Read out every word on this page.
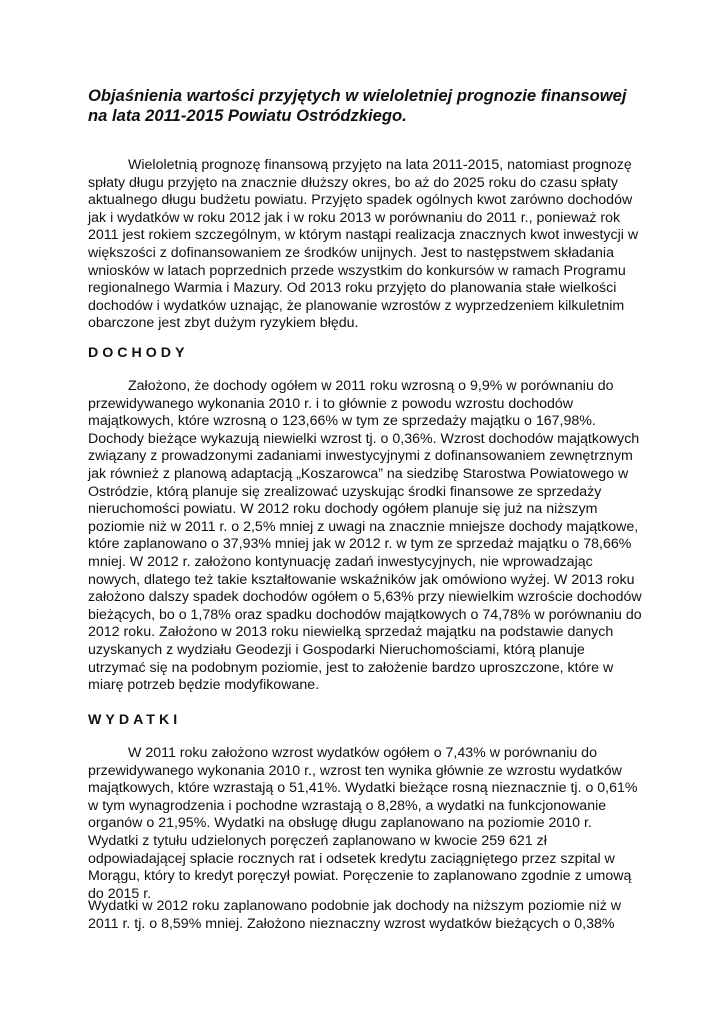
Objaśnienia wartości przyjętych w wieloletniej prognozie finansowej na lata 2011-2015 Powiatu Ostródzkiego.

Wieloletnią prognozę finansową przyjęto na lata 2011-2015, natomiast prognozę spłaty długu przyjęto na znacznie dłuższy okres, bo aż do 2025 roku do czasu spłaty aktualnego długu budżetu powiatu. Przyjęto spadek ogólnych kwot zarówno dochodów jak i wydatków w roku 2012 jak i w roku 2013 w porównaniu do 2011 r., ponieważ rok 2011 jest rokiem szczególnym, w którym nastąpi realizacja znacznych kwot inwestycji w większości z dofinansowaniem ze środków unijnych. Jest to następstwem składania wniosków w latach poprzednich przede wszystkim do konkursów w ramach Programu regionalnego Warmia i Mazury. Od 2013 roku przyjęto do planowania stałe wielkości dochodów i wydatków uznając, że planowanie wzrostów z wyprzedzeniem kilkuletnim obarczone jest zbyt dużym ryzykiem błędu.

DOCHODY

Założono, że dochody ogółem w 2011 roku wzrosną o 9,9% w porównaniu do przewidywanego wykonania 2010 r. i to głównie z powodu wzrostu dochodów majątkowych, które wzrosną o 123,66% w tym ze sprzedaży majątku o 167,98%. Dochody bieżące wykazują niewielki wzrost tj. o 0,36%. Wzrost dochodów majątkowych związany z prowadzonymi zadaniami inwestycyjnymi z dofinansowaniem zewnętrznym jak również z planową adaptacją „Koszarowca” na siedzibę Starostwa Powiatowego w Ostródzie, którą planuje się zrealizować uzyskując środki finansowe ze sprzedaży nieruchomości powiatu. W 2012 roku dochody ogółem planuje się już na niższym poziomie niż w 2011 r. o 2,5% mniej z uwagi na znacznie mniejsze dochody majątkowe, które zaplanowano o 37,93% mniej jak w 2012 r. w tym ze sprzedaż majątku o 78,66% mniej. W 2012 r. założono kontynuację zadań inwestycyjnych, nie wprowadzając nowych, dlatego też takie kształtowanie wskaźników jak omówiono wyżej. W 2013 roku założono dalszy spadek dochodów ogółem o 5,63% przy niewielkim wzroście dochodów bieżących, bo o 1,78% oraz spadku dochodów majątkowych o 74,78% w porównaniu do 2012 roku. Założono w 2013 roku niewielką sprzedaż majątku na podstawie danych uzyskanych z wydziału Geodezji i Gospodarki Nieruchomościami, którą planuje utrzymać się na podobnym poziomie, jest to założenie bardzo uproszczone, które w miarę potrzeb będzie modyfikowane.

WYDATKI

W 2011 roku założono wzrost wydatków ogółem o 7,43% w porównaniu do przewidywanego wykonania 2010 r., wzrost ten wynika głównie ze wzrostu wydatków majątkowych, które wzrastają o 51,41%. Wydatki bieżące rosną nieznacznie tj. o 0,61% w tym wynagrodzenia i pochodne wzrastają o 8,28%, a wydatki na funkcjonowanie organów o 21,95%. Wydatki na obsługę długu zaplanowano na poziomie 2010 r. Wydatki z tytułu udzielonych poręczeń zaplanowano w kwocie 259 621 zł odpowiadającej spłacie rocznych rat i odsetek kredytu zaciągniętego przez szpital w Morągu, który to kredyt poręczył powiat. Poręczenie to zaplanowano zgodnie z umową do 2015 r.

Wydatki w 2012 roku zaplanowano podobnie jak dochody na niższym poziomie niż w 2011 r. tj. o 8,59% mniej. Założono nieznaczny wzrost wydatków bieżących o 0,38%
